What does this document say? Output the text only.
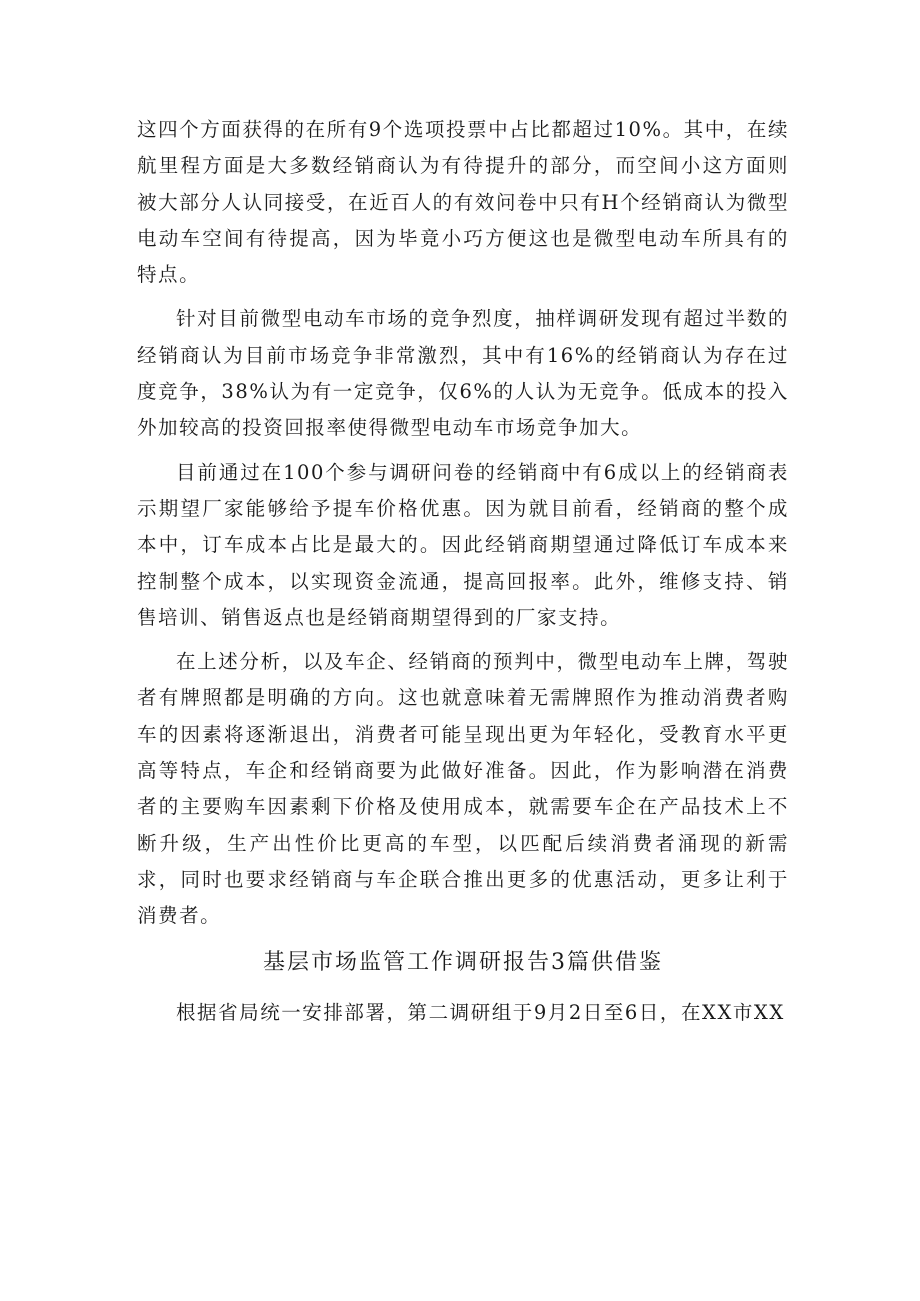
这四个方面获得的在所有9个选项投票中占比都超过10%。其中，在续航里程方面是大多数经销商认为有待提升的部分，而空间小这方面则被大部分人认同接受，在近百人的有效问卷中只有H个经销商认为微型电动车空间有待提高，因为毕竟小巧方便这也是微型电动车所具有的特点。

针对目前微型电动车市场的竞争烈度，抽样调研发现有超过半数的经销商认为目前市场竞争非常激烈，其中有16%的经销商认为存在过度竞争，38%认为有一定竞争，仅6%的人认为无竞争。低成本的投入外加较高的投资回报率使得微型电动车市场竞争加大。

目前通过在100个参与调研问卷的经销商中有6成以上的经销商表示期望厂家能够给予提车价格优惠。因为就目前看，经销商的整个成本中，订车成本占比是最大的。因此经销商期望通过降低订车成本来控制整个成本，以实现资金流通，提高回报率。此外，维修支持、销售培训、销售返点也是经销商期望得到的厂家支持。

在上述分析，以及车企、经销商的预判中，微型电动车上牌，驾驶者有牌照都是明确的方向。这也就意味着无需牌照作为推动消费者购车的因素将逐渐退出，消费者可能呈现出更为年轻化，受教育水平更高等特点，车企和经销商要为此做好准备。因此，作为影响潜在消费者的主要购车因素剩下价格及使用成本，就需要车企在产品技术上不断升级，生产出性价比更高的车型，以匹配后续消费者涌现的新需求，同时也要求经销商与车企联合推出更多的优惠活动，更多让利于消费者。

基层市场监管工作调研报告3篇供借鉴

根据省局统一安排部署，第二调研组于9月2日至6日，在XX市XX
